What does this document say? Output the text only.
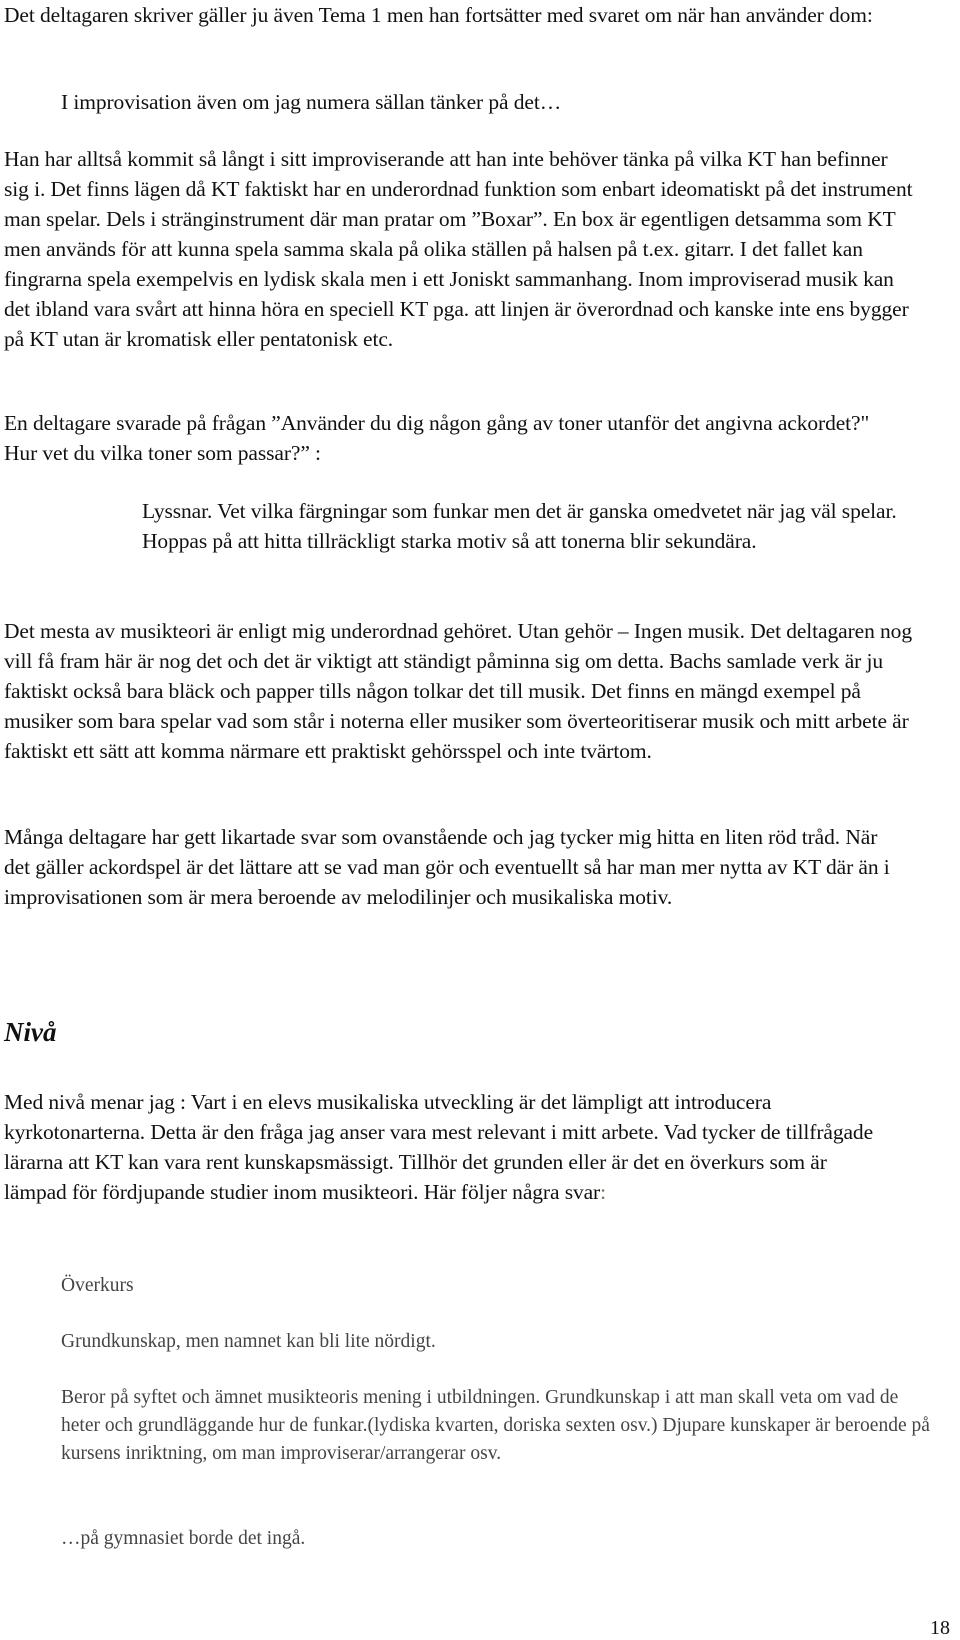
Det deltagaren skriver gäller ju även Tema 1 men han fortsätter med svaret om när han använder dom:

I improvisation även om jag numera sällan tänker på det…

Han har alltså kommit så långt i sitt improviserande att han inte behöver tänka på vilka KT han befinner sig i. Det finns lägen då KT faktiskt har en underordnad funktion som enbart ideomatiskt på det instrument man spelar. Dels i stränginstrument där man pratar om ”Boxar”. En box är egentligen detsamma som KT men används för att kunna spela samma skala på olika ställen på halsen på t.ex. gitarr. I det fallet kan fingrarna spela exempelvis en lydisk skala men i ett Joniskt sammanhang. Inom improviserad musik kan det ibland vara svårt att hinna höra en speciell KT pga. att linjen är överordnad och kanske inte ens bygger på KT utan är kromatisk eller pentatonisk etc.

En deltagare svarade på frågan ”Använder du dig någon gång av toner utanför det angivna ackordet?" Hur vet du vilka toner som passar?” :

Lyssnar. Vet vilka färgningar som funkar men det är ganska omedvetet när jag väl spelar. Hoppas på att hitta tillräckligt starka motiv så att tonerna blir sekundära.

Det mesta av musikteori är enligt mig underordnad gehöret. Utan gehör – Ingen musik. Det deltagaren nog vill få fram här är nog det och det är viktigt att ständigt påminna sig om detta. Bachs samlade verk är ju faktiskt också bara bläck och papper tills någon tolkar det till musik. Det finns en mängd exempel på musiker som bara spelar vad som står i noterna eller musiker som överteoritiserar musik och mitt arbete är faktiskt ett sätt att komma närmare ett praktiskt gehörsspel och inte tvärtom.

Många deltagare har gett likartade svar som ovanstående och jag tycker mig hitta en liten röd tråd. När det gäller ackordspel är det lättare att se vad man gör och eventuellt så har man mer nytta av KT där än i improvisationen som är mera beroende av melodilinjer och musikaliska motiv.

Nivå

Med nivå menar jag : Vart i en elevs musikaliska utveckling är det lämpligt att introducera kyrkotonarterna. Detta är den fråga jag anser vara mest relevant i mitt arbete. Vad tycker de tillfrågade lärarna att KT kan vara rent kunskapsmässigt. Tillhör det grunden eller är det en överkurs som är lämpad för fördjupande studier inom musikteori. Här följer några svar:

Överkurs

Grundkunskap, men namnet kan bli lite nördigt.

Beror på syftet och ämnet musikteoris mening i utbildningen. Grundkunskap i att man skall veta om vad de heter och grundläggande hur de funkar.(lydiska kvarten, doriska sexten osv.) Djupare kunskaper är beroende på kursens inriktning, om man improviserar/arrangerar osv.

…på gymnasiet borde det ingå.

18
